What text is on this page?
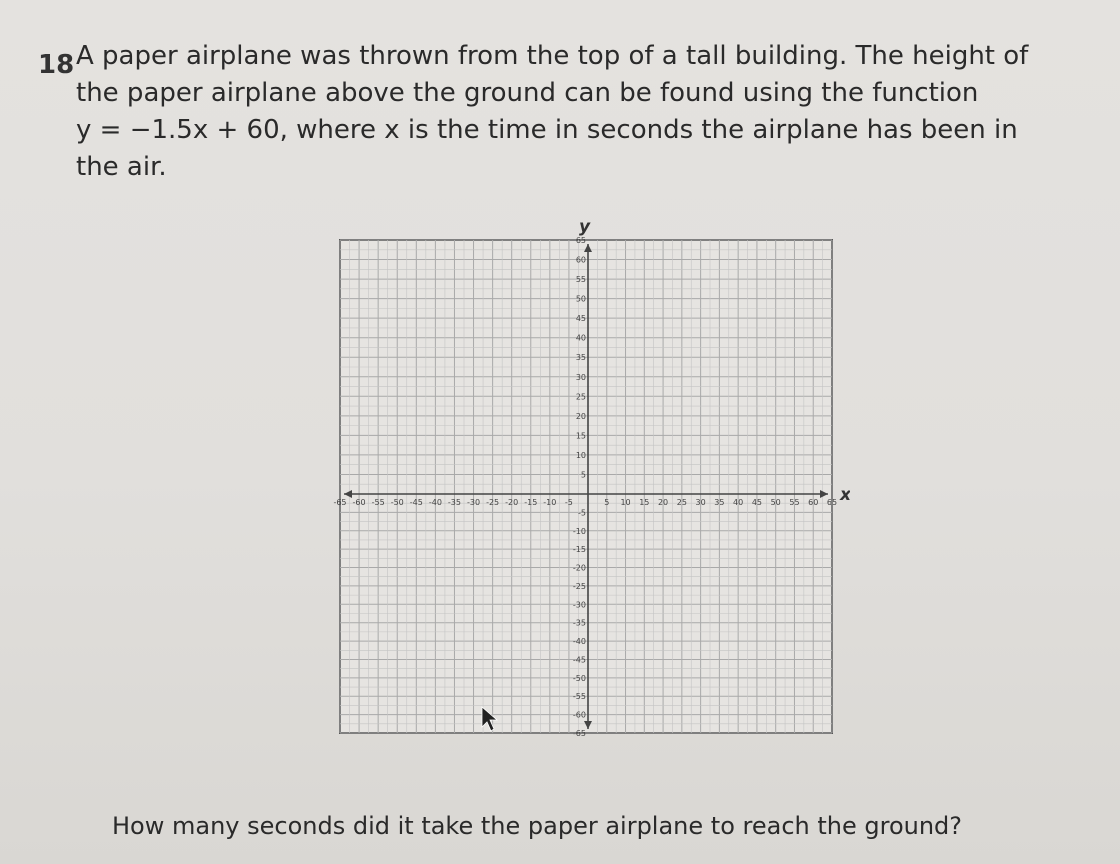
18 A paper airplane was thrown from the top of a tall building. The height of
the paper airplane above the ground can be found using the function
y = −1.5x + 60, where x is the time in seconds the airplane has been in
the air.

x
y
-65 -60 -55 -50 -45 -40 -35 -30 -25 -20 -15 -10 -5	5 10 15 20 25 30 35 40 45 50 55 60 65
65
60
55
50
45
40
35
30
25
20
15
10
5
-5
-10
-15
-20
-25
-30
-35
-40
-45
-50
-55
-60
-65

How many seconds did it take the paper airplane to reach the ground?
